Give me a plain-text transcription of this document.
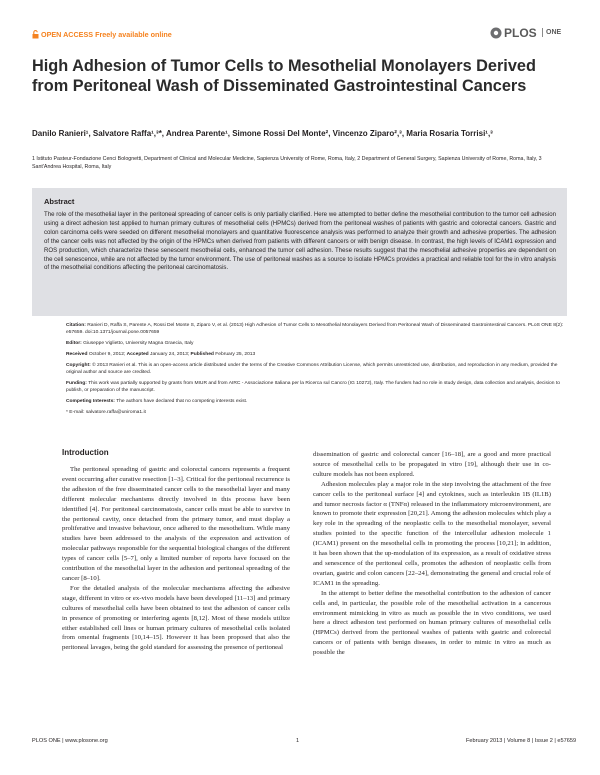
OPEN ACCESS Freely available online	PLOS	ONE
High Adhesion of Tumor Cells to Mesothelial Monolayers Derived from Peritoneal Wash of Disseminated Gastrointestinal Cancers
Danilo Ranieri¹, Salvatore Raffa¹,³*, Andrea Parente¹, Simone Rossi Del Monte², Vincenzo Ziparo²,³, Maria Rosaria Torrisi¹,³
1 Istituto Pasteur-Fondazione Cenci Bolognetti, Department of Clinical and Molecular Medicine, Sapienza University of Rome, Roma, Italy, 2 Department of General Surgery, Sapienza University of Rome, Roma, Italy, 3 Sant'Andrea Hospital, Roma, Italy
Abstract

The role of the mesothelial layer in the peritoneal spreading of cancer cells is only partially clarified. Here we attempted to better define the mesothelial contribution to the tumor cell adhesion using a direct adhesion test applied to human primary cultures of mesothelial cells (HPMCs) derived from the peritoneal washes of patients with gastric and colorectal cancers. Gastric and colon carcinoma cells were seeded on different mesothelial monolayers and quantitative fluorescence analysis was performed to analyze their growth and adhesive properties. The adhesion of the cancer cells was not affected by the origin of the HPMCs when derived from patients with different cancers or with benign disease. In contrast, the high levels of ICAM1 expression and ROS production, which characterize these senescent mesothelial cells, enhanced the tumor cell adhesion. These results suggest that the mesothelial adhesive properties are dependent on the cell senescence, while are not affected by the tumor environment. The use of peritoneal washes as a source to isolate HPMCs provides a practical and reliable tool for the in vitro analysis of the mesothelial conditions affecting the peritoneal carcinomatosis.

Citation: Ranieri D, Raffa S, Parente A, Rossi Del Monte S, Ziparo V, et al. (2013) High Adhesion of Tumor Cells to Mesothelial Monolayers Derived from Peritoneal Wash of Disseminated Gastrointestinal Cancers. PLoS ONE 8(2): e57659. doi:10.1371/journal.pone.0057659

Editor: Giuseppe Viglietto, University Magna Graecia, Italy

Received October 9, 2012; Accepted January 24, 2013; Published February 25, 2013

Copyright: © 2013 Ranieri et al. This is an open-access article distributed under the terms of the Creative Commons Attribution License, which permits unrestricted use, distribution, and reproduction in any medium, provided the original author and source are credited.

Funding: This work was partially supported by grants from MIUR and from AIRC - Associazione Italiana per la Ricerca sul Cancro (IG 10272), Italy. The funders had no role in study design, data collection and analysis, decision to publish, or preparation of the manuscript.

Competing Interests: The authors have declared that no competing interests exist.

* E-mail: salvatore.raffa@uniroma1.it

Introduction

The peritoneal spreading of gastric and colorectal cancers represents a frequent event occurring after curative resection [1–3]. Critical for the peritoneal recurrence is the adhesion of the free disseminated cancer cells to the mesothelial layer and many different molecular mechanisms directly involved in this process have been identified [4]. For peritoneal carcinomatosis, cancer cells must be able to survive in the peritoneal cavity, once detached from the primary tumor, and must display a proliferative and invasive behaviour, once adhered to the mesothelium. While many studies have been addressed to the analysis of the expression and activation of molecular pathways responsible for the sequential biological changes of the different types of cancer cells [5–7], only a limited number of reports have focused on the contribution of the mesothelial layer in the adhesion and peritoneal spreading of the cancer [8–10].

For the detailed analysis of the molecular mechanisms affecting the adhesive stage, different in vitro or ex-vivo models have been developed [11–13] and primary cultures of mesothelial cells have been obtained to test the adhesion of cancer cells in presence of promoting or interfering agents [8,12]. Most of these models utilize either established cell lines or human primary cultures of mesothelial cells isolated from omental fragments [10,14–15]. However it has been proposed that also the peritoneal lavages, being the gold standard for assessing the presence of peritoneal

dissemination of gastric and colorectal cancer [16–18], are a good and more practical source of mesothelial cells to be propagated in vitro [19], although their use in co-culture models has not been explored.

Adhesion molecules play a major role in the step involving the attachment of the free cancer cells to the peritoneal surface [4] and cytokines, such as interleukin 1B (IL1B) and tumor necrosis factor α (TNFα) released in the inflammatory microenvironment, are known to promote their expression [20,21]. Among the adhesion molecules which play a key role in the spreading of the neoplastic cells to the mesothelial monolayer, several studies pointed to the specific function of the intercellular adhesion molecule 1 (ICAM1) present on the mesothelial cells in promoting the process [10,21]; in addition, it has been shown that the up-modulation of its expression, as a result of oxidative stress and senescence of the peritoneal cells, promotes the adhesion of neoplastic cells from ovarian, gastric and colon cancers [22–24], demonstrating the general and crucial role of ICAM1 in the spreading.

In the attempt to better define the mesothelial contribution to the adhesion of cancer cells and, in particular, the possible role of the mesothelial activation in a cancerous environment mimicking in vitro as much as possible the in vivo conditions, we used here a direct adhesion test performed on human primary cultures of mesothelial cells (HPMCs) derived from the peritoneal washes of patients with gastric and colorectal cancers or of patients with benign diseases, in order to mimic in vitro as much as possible the

PLOS ONE | www.plosone.org	1	February 2013 | Volume 8 | Issue 2 | e57659
